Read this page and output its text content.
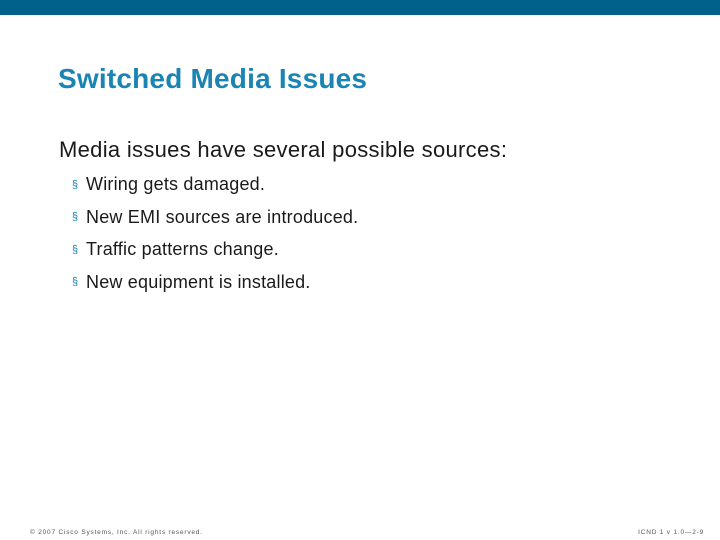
Switched Media Issues

Media issues have several possible sources:

§ Wiring gets damaged.
§ New EMI sources are introduced.
§ Traffic patterns change.
§ New equipment is installed.
© 2007 Cisco Systems, Inc. All rights reserved.	ICND 1 v 1.0—2-9
